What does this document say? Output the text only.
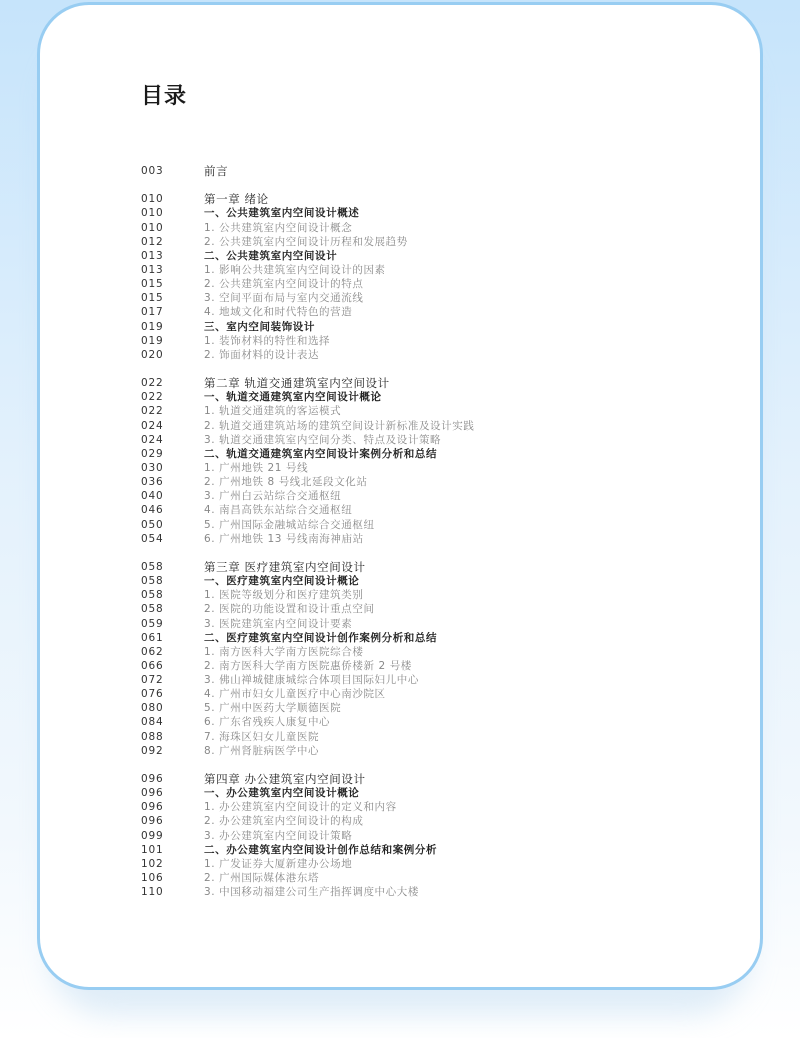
目录
003	前言
010	第一章 绪论
010	一、公共建筑室内空间设计概述
010	1. 公共建筑室内空间设计概念
012	2. 公共建筑室内空间设计历程和发展趋势
013	二、公共建筑室内空间设计
013	1. 影响公共建筑室内空间设计的因素
015	2. 公共建筑室内空间设计的特点
015	3. 空间平面布局与室内交通流线
017	4. 地域文化和时代特色的营造
019	三、室内空间装饰设计
019	1. 装饰材料的特性和选择
020	2. 饰面材料的设计表达
022	第二章 轨道交通建筑室内空间设计
022	一、轨道交通建筑室内空间设计概论
022	1. 轨道交通建筑的客运模式
024	2. 轨道交通建筑站场的建筑空间设计新标准及设计实践
024	3. 轨道交通建筑室内空间分类、特点及设计策略
029	二、轨道交通建筑室内空间设计案例分析和总结
030	1. 广州地铁 21 号线
036	2. 广州地铁 8 号线北延段文化站
040	3. 广州白云站综合交通枢纽
046	4. 南昌高铁东站综合交通枢纽
050	5. 广州国际金融城站综合交通枢纽
054	6. 广州地铁 13 号线南海神庙站
058	第三章 医疗建筑室内空间设计
058	一、医疗建筑室内空间设计概论
058	1. 医院等级划分和医疗建筑类别
058	2. 医院的功能设置和设计重点空间
059	3. 医院建筑室内空间设计要素
061	二、医疗建筑室内空间设计创作案例分析和总结
062	1. 南方医科大学南方医院综合楼
066	2. 南方医科大学南方医院惠侨楼新 2 号楼
072	3. 佛山禅城健康城综合体项目国际妇儿中心
076	4. 广州市妇女儿童医疗中心南沙院区
080	5. 广州中医药大学顺德医院
084	6. 广东省残疾人康复中心
088	7. 海珠区妇女儿童医院
092	8. 广州肾脏病医学中心
096	第四章 办公建筑室内空间设计
096	一、办公建筑室内空间设计概论
096	1. 办公建筑室内空间设计的定义和内容
096	2. 办公建筑室内空间设计的构成
099	3. 办公建筑室内空间设计策略
101	二、办公建筑室内空间设计创作总结和案例分析
102	1. 广发证券大厦新建办公场地
106	2. 广州国际媒体港东塔
110	3. 中国移动福建公司生产指挥调度中心大楼
